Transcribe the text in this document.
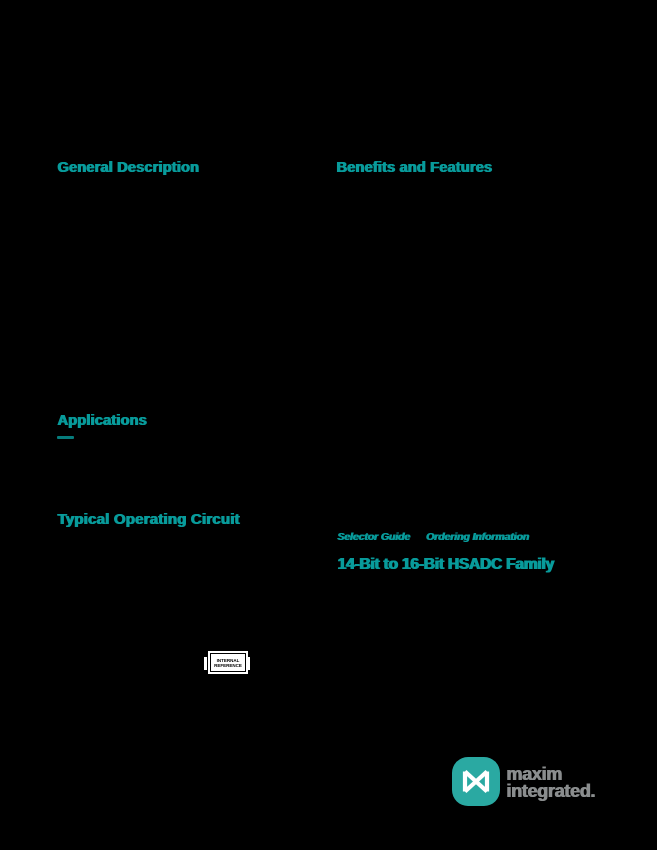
General Description	Benefits and Features
Applications
Typical Operating Circuit
Selector Guide Ordering Information
14-Bit to 16-Bit HSADC Family
INTERNAL
REFERENCE
maxim
integrated.
